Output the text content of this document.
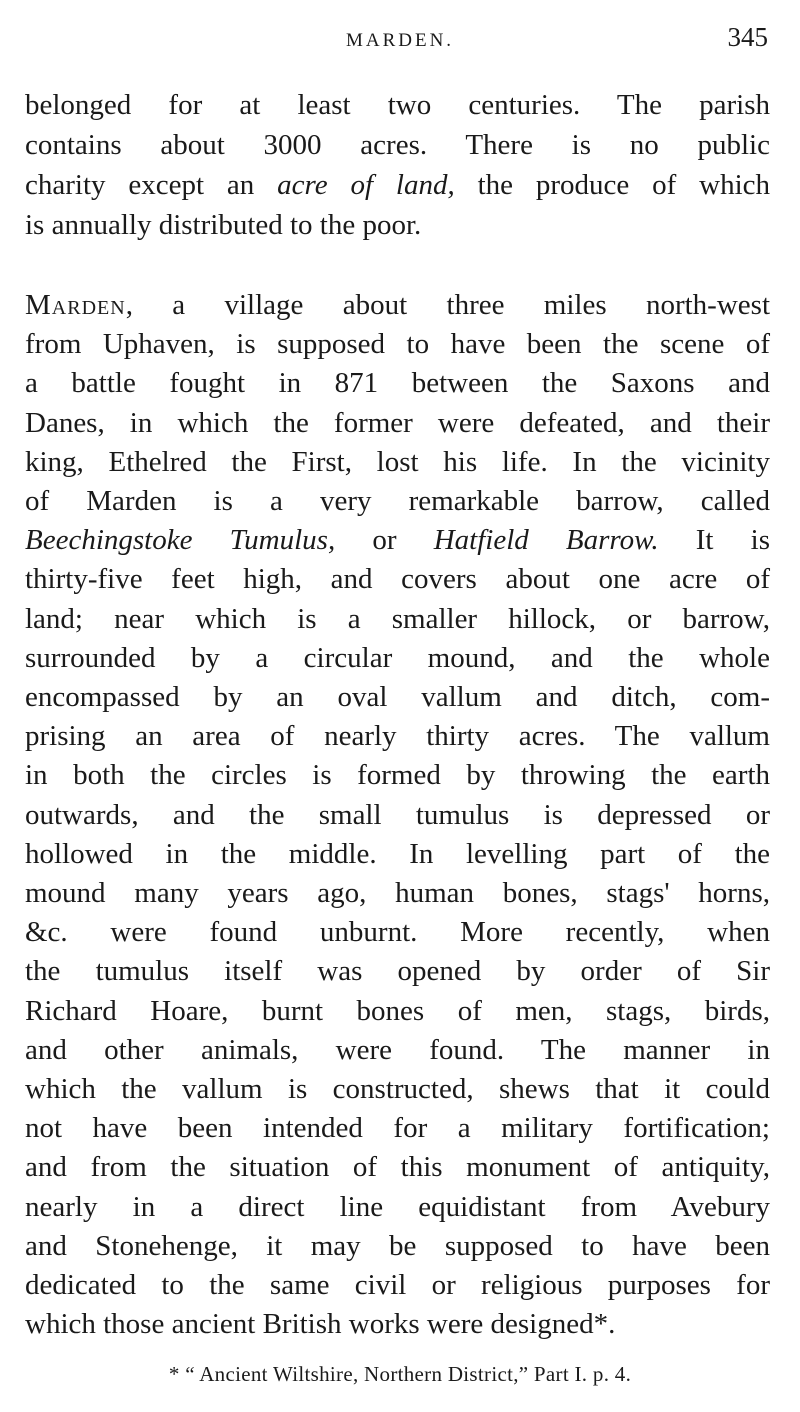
MARDEN.	345
belonged for at least two centuries. The parish
contains about 3000 acres. There is no public
charity except an acre of land, the produce of which
is annually distributed to the poor.
Marden, a village about three miles north-west
from Uphaven, is supposed to have been the scene of
a battle fought in 871 between the Saxons and
Danes, in which the former were defeated, and their
king, Ethelred the First, lost his life. In the vicinity
of Marden is a very remarkable barrow, called
Beechingstoke Tumulus, or Hatfield Barrow. It is
thirty-five feet high, and covers about one acre of
land; near which is a smaller hillock, or barrow,
surrounded by a circular mound, and the whole
encompassed by an oval vallum and ditch, com-
prising an area of nearly thirty acres. The vallum
in both the circles is formed by throwing the earth
outwards, and the small tumulus is depressed or
hollowed in the middle. In levelling part of the
mound many years ago, human bones, stags' horns,
&c. were found unburnt. More recently, when
the tumulus itself was opened by order of Sir
Richard Hoare, burnt bones of men, stags, birds,
and other animals, were found. The manner in
which the vallum is constructed, shews that it could
not have been intended for a military fortification;
and from the situation of this monument of antiquity,
nearly in a direct line equidistant from Avebury
and Stonehenge, it may be supposed to have been
dedicated to the same civil or religious purposes for
which those ancient British works were designed*.
* “ Ancient Wiltshire, Northern District,” Part I. p. 4.
